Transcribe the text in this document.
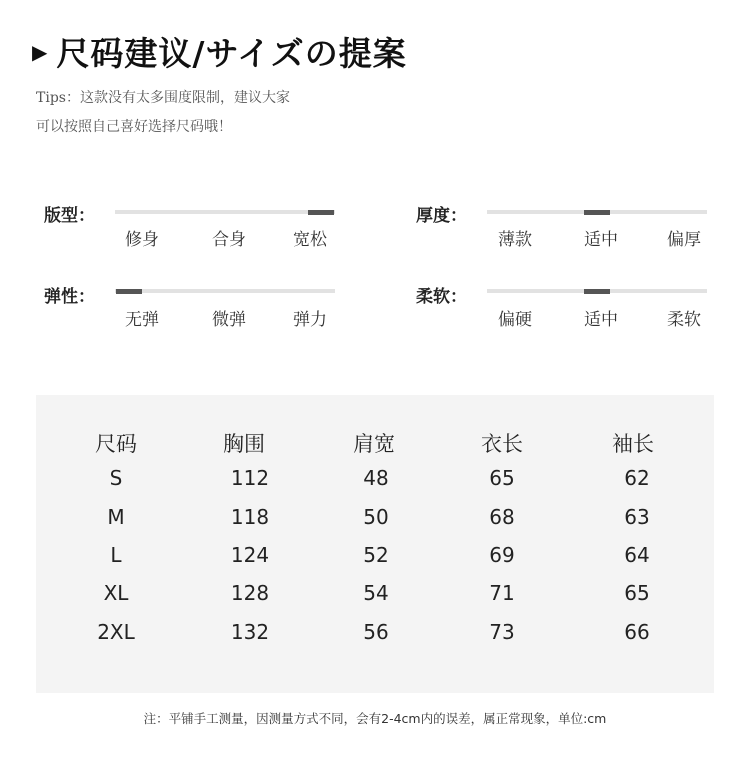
▶ 尺码建议/サイズの提案
Tips：这款没有太多围度限制，建议大家
可以按照自己喜好选择尺码哦！
版型：
修身	合身	宽松
厚度：
薄款	适中	偏厚
弹性：
无弹	微弹	弹力
柔软：
偏硬	适中	柔软
尺码	胸围	肩宽	衣长	袖长
S	112	48	65	62
M	118	50	68	63
L	124	52	69	64
XL	128	54	71	65
2XL	132	56	73	66
注：平铺手工测量，因测量方式不同，会有2-4cm内的误差，属正常现象，单位:cm
